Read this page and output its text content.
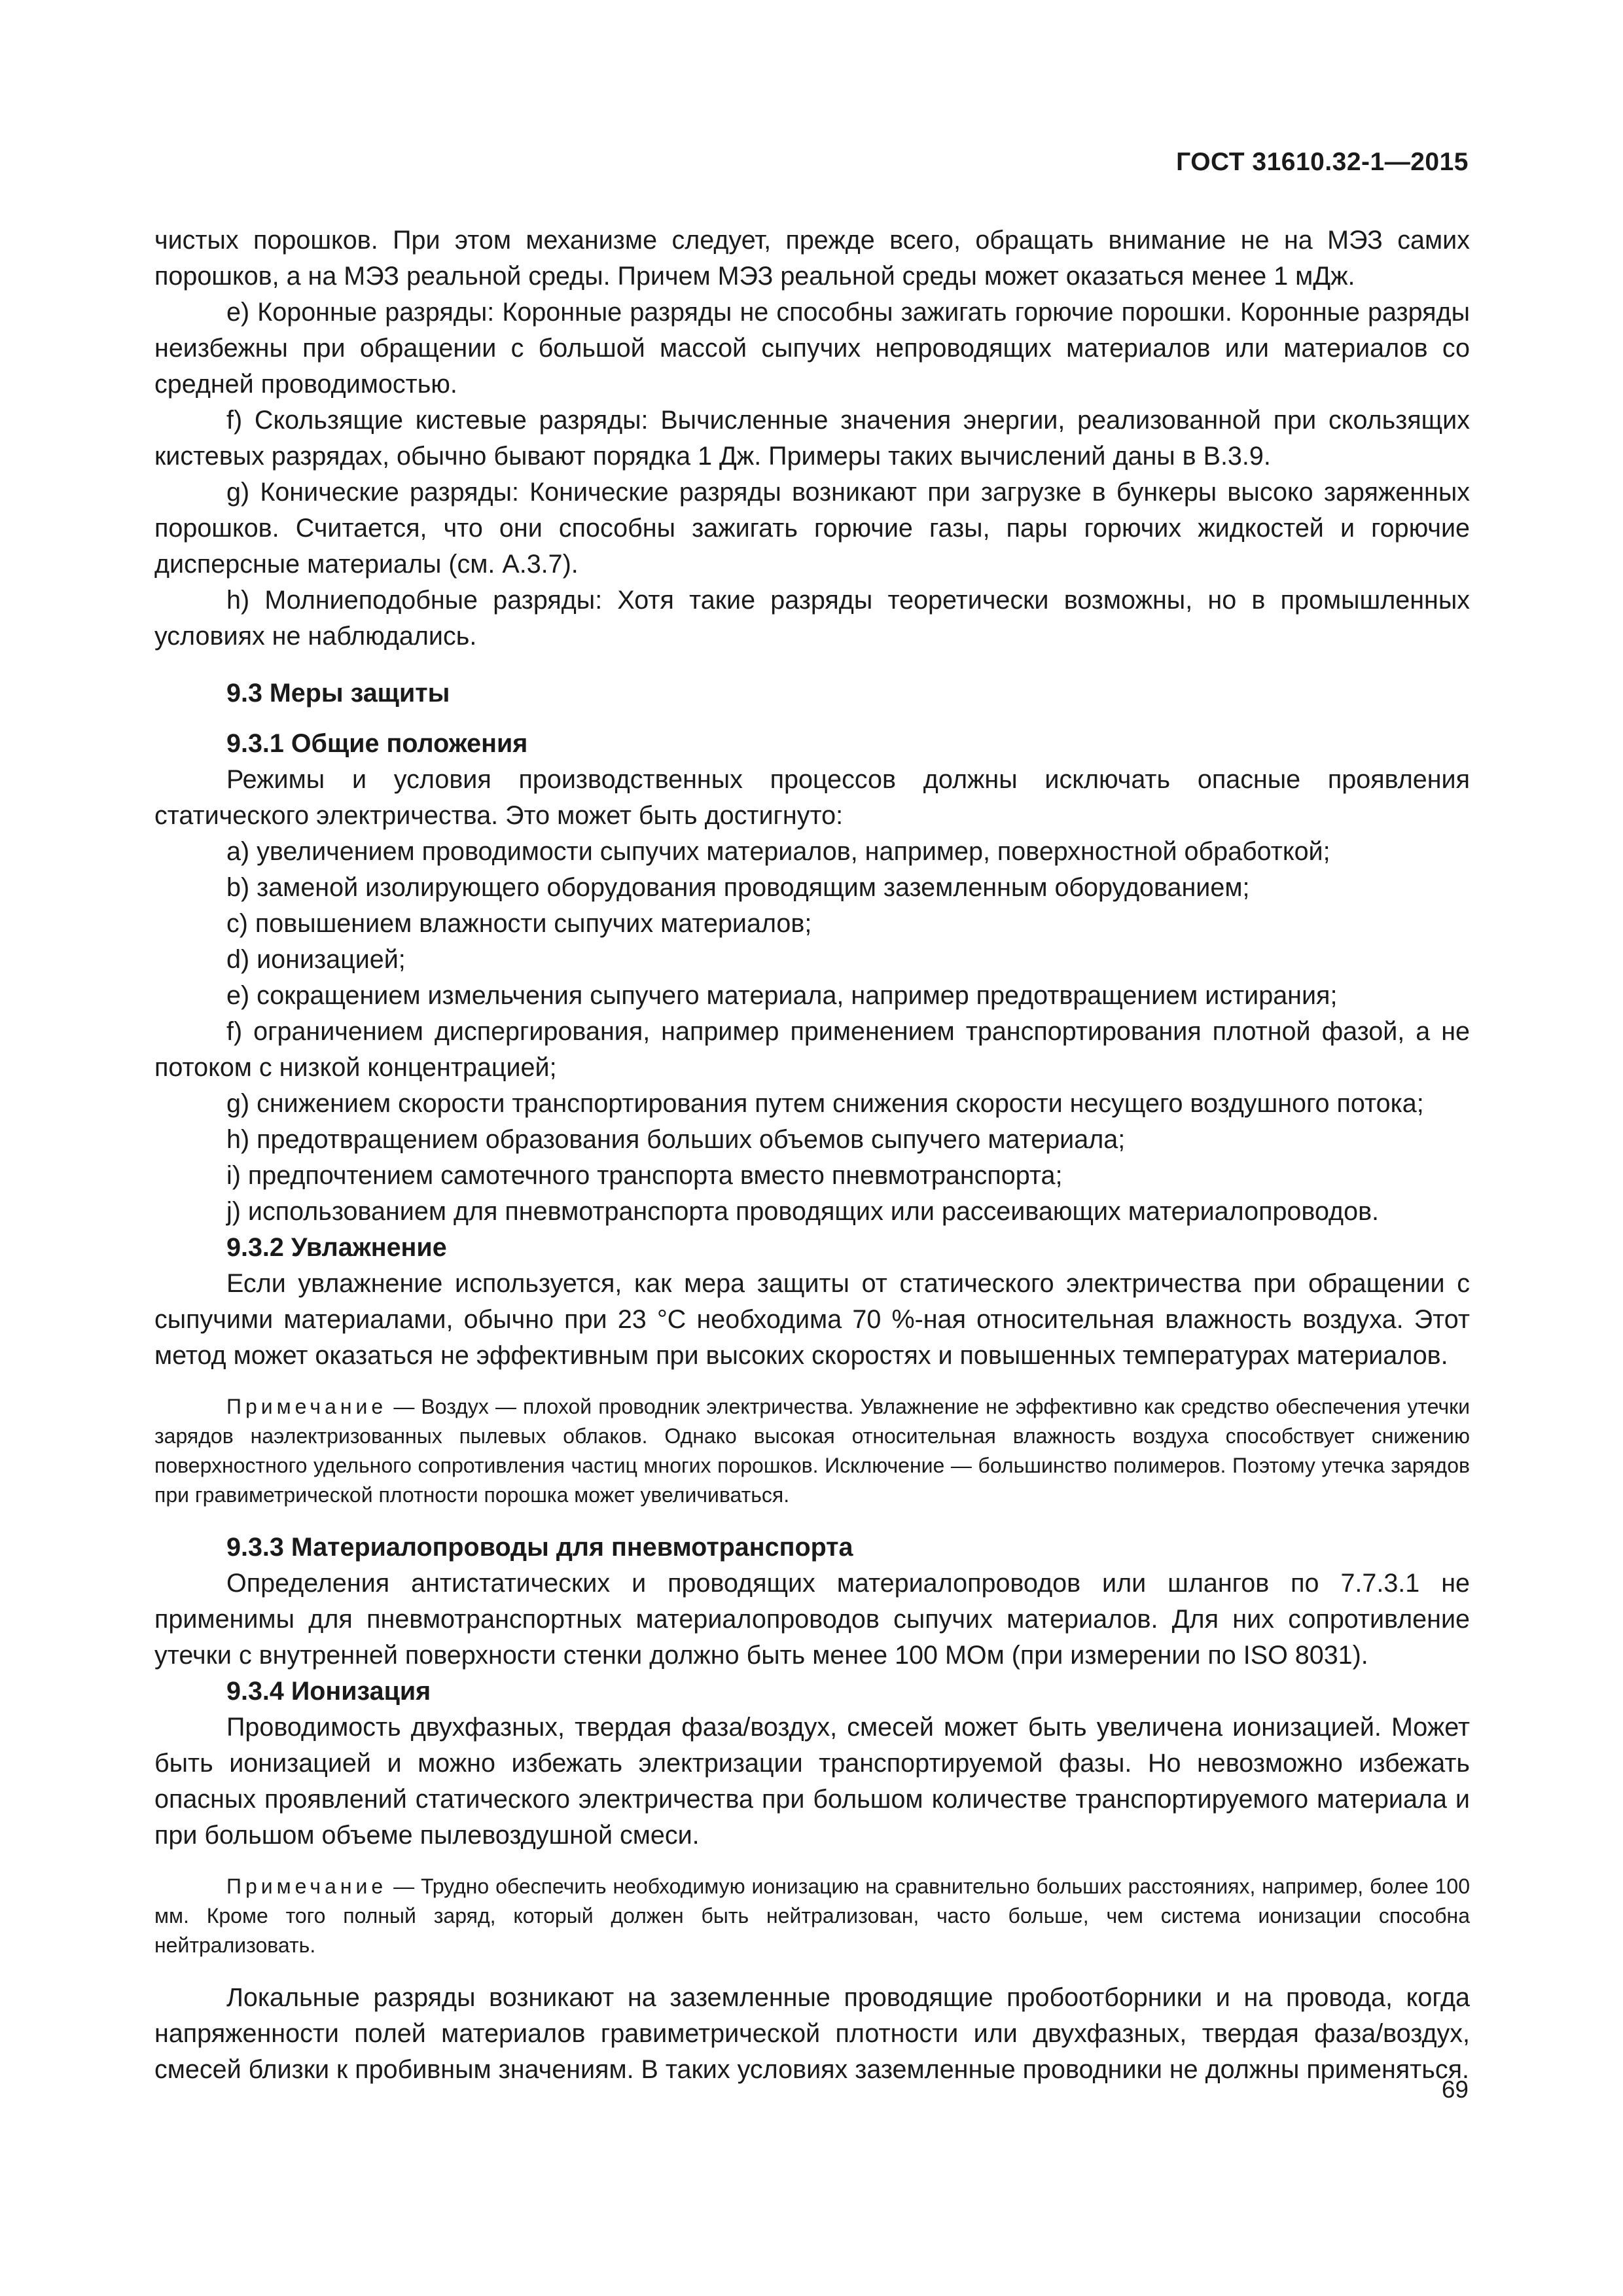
ГОСТ 31610.32-1—2015

чистых порошков. При этом механизме следует, прежде всего, обращать внимание не на МЭЗ самих порошков, а на МЭЗ реальной среды. Причем МЭЗ реальной среды может оказаться менее 1 мДж.

е) Коронные разряды: Коронные разряды не способны зажигать горючие порошки. Коронные разряды неизбежны при обращении с большой массой сыпучих непроводящих материалов или материалов со средней проводимостью.

f) Скользящие кистевые разряды: Вычисленные значения энергии, реализованной при скользящих кистевых разрядах, обычно бывают порядка 1 Дж. Примеры таких вычислений даны в В.3.9.

g) Конические разряды: Конические разряды возникают при загрузке в бункеры высоко заряженных порошков. Считается, что они способны зажигать горючие газы, пары горючих жидкостей и горючие дисперсные материалы (см. А.3.7).

h) Молниеподобные разряды: Хотя такие разряды теоретически возможны, но в промышленных условиях не наблюдались.

9.3 Меры защиты
9.3.1 Общие положения

Режимы и условия производственных процессов должны исключать опасные проявления статического электричества. Это может быть достигнуто:

а) увеличением проводимости сыпучих материалов, например, поверхностной обработкой;

b) заменой изолирующего оборудования проводящим заземленным оборудованием;

с) повышением влажности сыпучих материалов;

d) ионизацией;

е) сокращением измельчения сыпучего материала, например предотвращением истирания;

f) ограничением диспергирования, например применением транспортирования плотной фазой, а не потоком с низкой концентрацией;

g) снижением скорости транспортирования путем снижения скорости несущего воздушного потока;

h) предотвращением образования больших объемов сыпучего материала;

i) предпочтением самотечного транспорта вместо пневмотранспорта;

j) использованием для пневмотранспорта проводящих или рассеивающих материалопроводов.

9.3.2 Увлажнение

Если увлажнение используется, как мера защиты от статического электричества при обращении с сыпучими материалами, обычно при 23 °С необходима 70 %-ная относительная влажность воздуха. Этот метод может оказаться не эффективным при высоких скоростях и повышенных температурах материалов.

Примечание — Воздух — плохой проводник электричества. Увлажнение не эффективно как средство обеспечения утечки зарядов наэлектризованных пылевых облаков. Однако высокая относительная влажность воздуха способствует снижению поверхностного удельного сопротивления частиц многих порошков. Исключение — большинство полимеров. Поэтому утечка зарядов при гравиметрической плотности порошка может увеличиваться.

9.3.3 Материалопроводы для пневмотранспорта

Определения антистатических и проводящих материалопроводов или шлангов по 7.7.3.1 не применимы для пневмотранспортных материалопроводов сыпучих материалов. Для них сопротивление утечки с внутренней поверхности стенки должно быть менее 100 МОм (при измерении по ISO 8031).

9.3.4 Ионизация

Проводимость двухфазных, твердая фаза/воздух, смесей может быть увеличена ионизацией. Может быть ионизацией и можно избежать электризации транспортируемой фазы. Но невозможно избежать опасных проявлений статического электричества при большом количестве транспортируемого материала и при большом объеме пылевоздушной смеси.

Примечание — Трудно обеспечить необходимую ионизацию на сравнительно больших расстояниях, например, более 100 мм. Кроме того полный заряд, который должен быть нейтрализован, часто больше, чем система ионизации способна нейтрализовать.

Локальные разряды возникают на заземленные проводящие пробоотборники и на провода, когда напряженности полей материалов гравиметрической плотности или двухфазных, твердая фаза/воздух, смесей близки к пробивным значениям. В таких условиях заземленные проводники не должны применяться.

69
